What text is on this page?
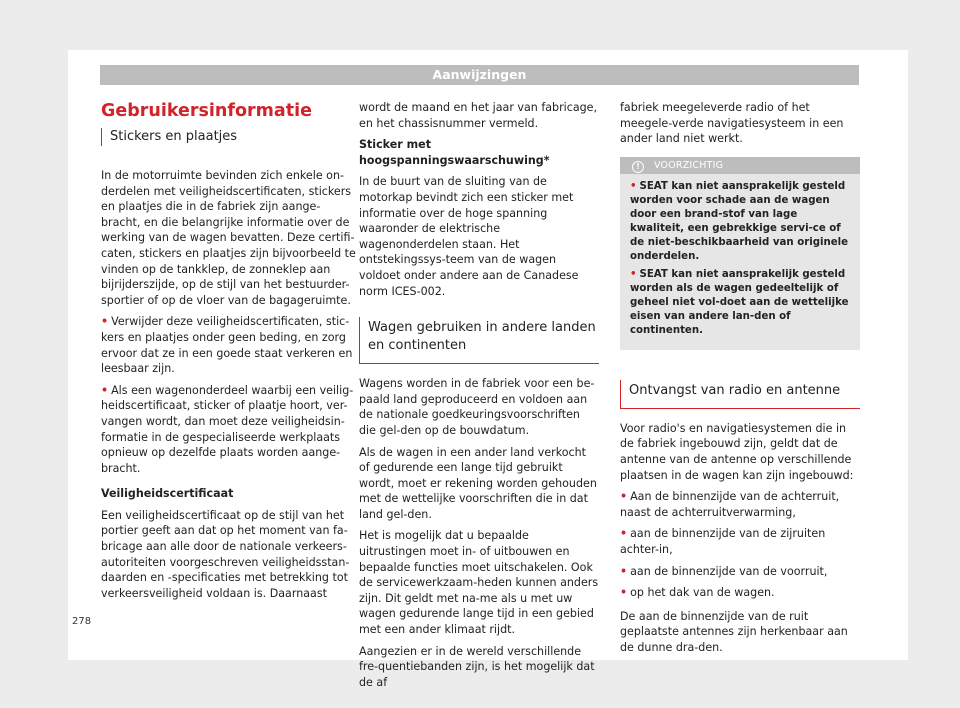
Aanwijzingen
Gebruikersinformatie
Stickers en plaatjes

In de motorruimte bevinden zich enkele on-derdelen met veiligheidscertificaten, stickers en plaatjes die in de fabriek zijn aange-bracht, en die belangrijke informatie over de werking van de wagen bevatten. Deze certifi-caten, stickers en plaatjes zijn bijvoorbeeld te vinden op de tankklep, de zonneklep aan bijrijderszijde, op de stijl van het bestuurder-sportier of op de vloer van de bagageruimte.

• Verwijder deze veiligheidscertificaten, stic-kers en plaatjes onder geen beding, en zorg ervoor dat ze in een goede staat verkeren en leesbaar zijn.

• Als een wagenonderdeel waarbij een veilig-heidscertificaat, sticker of plaatje hoort, ver-vangen wordt, dan moet deze veiligheidsin-formatie in de gespecialiseerde werkplaats opnieuw op dezelfde plaats worden aange-bracht.

Veiligheidscertificaat

Een veiligheidscertificaat op de stijl van het portier geeft aan dat op het moment van fa-bricage aan alle door de nationale verkeers-autoriteiten voorgeschreven veiligheidsstan-daarden en -specificaties met betrekking tot verkeersveiligheid voldaan is. Daarnaast

wordt de maand en het jaar van fabricage, en het chassisnummer vermeld.

Sticker met hoogspanningswaarschuwing*

In de buurt van de sluiting van de motorkap bevindt zich een sticker met informatie over de hoge spanning waaronder de elektrische wagenonderdelen staan. Het ontstekingssys-teem van de wagen voldoet onder andere aan de Canadese norm ICES-002.

Wagen gebruiken in andere landen en continenten

Wagens worden in de fabriek voor een be-paald land geproduceerd en voldoen aan de nationale goedkeuringsvoorschriften die gel-den op de bouwdatum.

Als de wagen in een ander land verkocht of gedurende een lange tijd gebruikt wordt, moet er rekening worden gehouden met de wettelijke voorschriften die in dat land gel-den.

Het is mogelijk dat u bepaalde uitrustingen moet in- of uitbouwen en bepaalde functies moet uitschakelen. Ook de servicewerkzaam-heden kunnen anders zijn. Dit geldt met na-me als u met uw wagen gedurende lange tijd in een gebied met een ander klimaat rijdt.

Aangezien er in de wereld verschillende fre-quentiebanden zijn, is het mogelijk dat de af

fabriek meegeleverde radio of het meegele-verde navigatiesysteem in een ander land niet werkt.

! VOORZICHTIG

• SEAT kan niet aansprakelijk gesteld worden voor schade aan de wagen door een brand-stof van lage kwaliteit, een gebrekkige servi-ce of de niet-beschikbaarheid van originele onderdelen.

• SEAT kan niet aansprakelijk gesteld worden als de wagen gedeeltelijk of geheel niet vol-doet aan de wettelijke eisen van andere lan-den of continenten.

Ontvangst van radio en antenne

Voor radio's en navigatiesystemen die in de fabriek ingebouwd zijn, geldt dat de antenne van de antenne op verschillende plaatsen in de wagen kan zijn ingebouwd:

• Aan de binnenzijde van de achterruit, naast de achterruitverwarming,

• aan de binnenzijde van de zijruiten achter-in,

• aan de binnenzijde van de voorruit,

• op het dak van de wagen.

De aan de binnenzijde van de ruit geplaatste antennes zijn herkenbaar aan de dunne dra-den.

278
